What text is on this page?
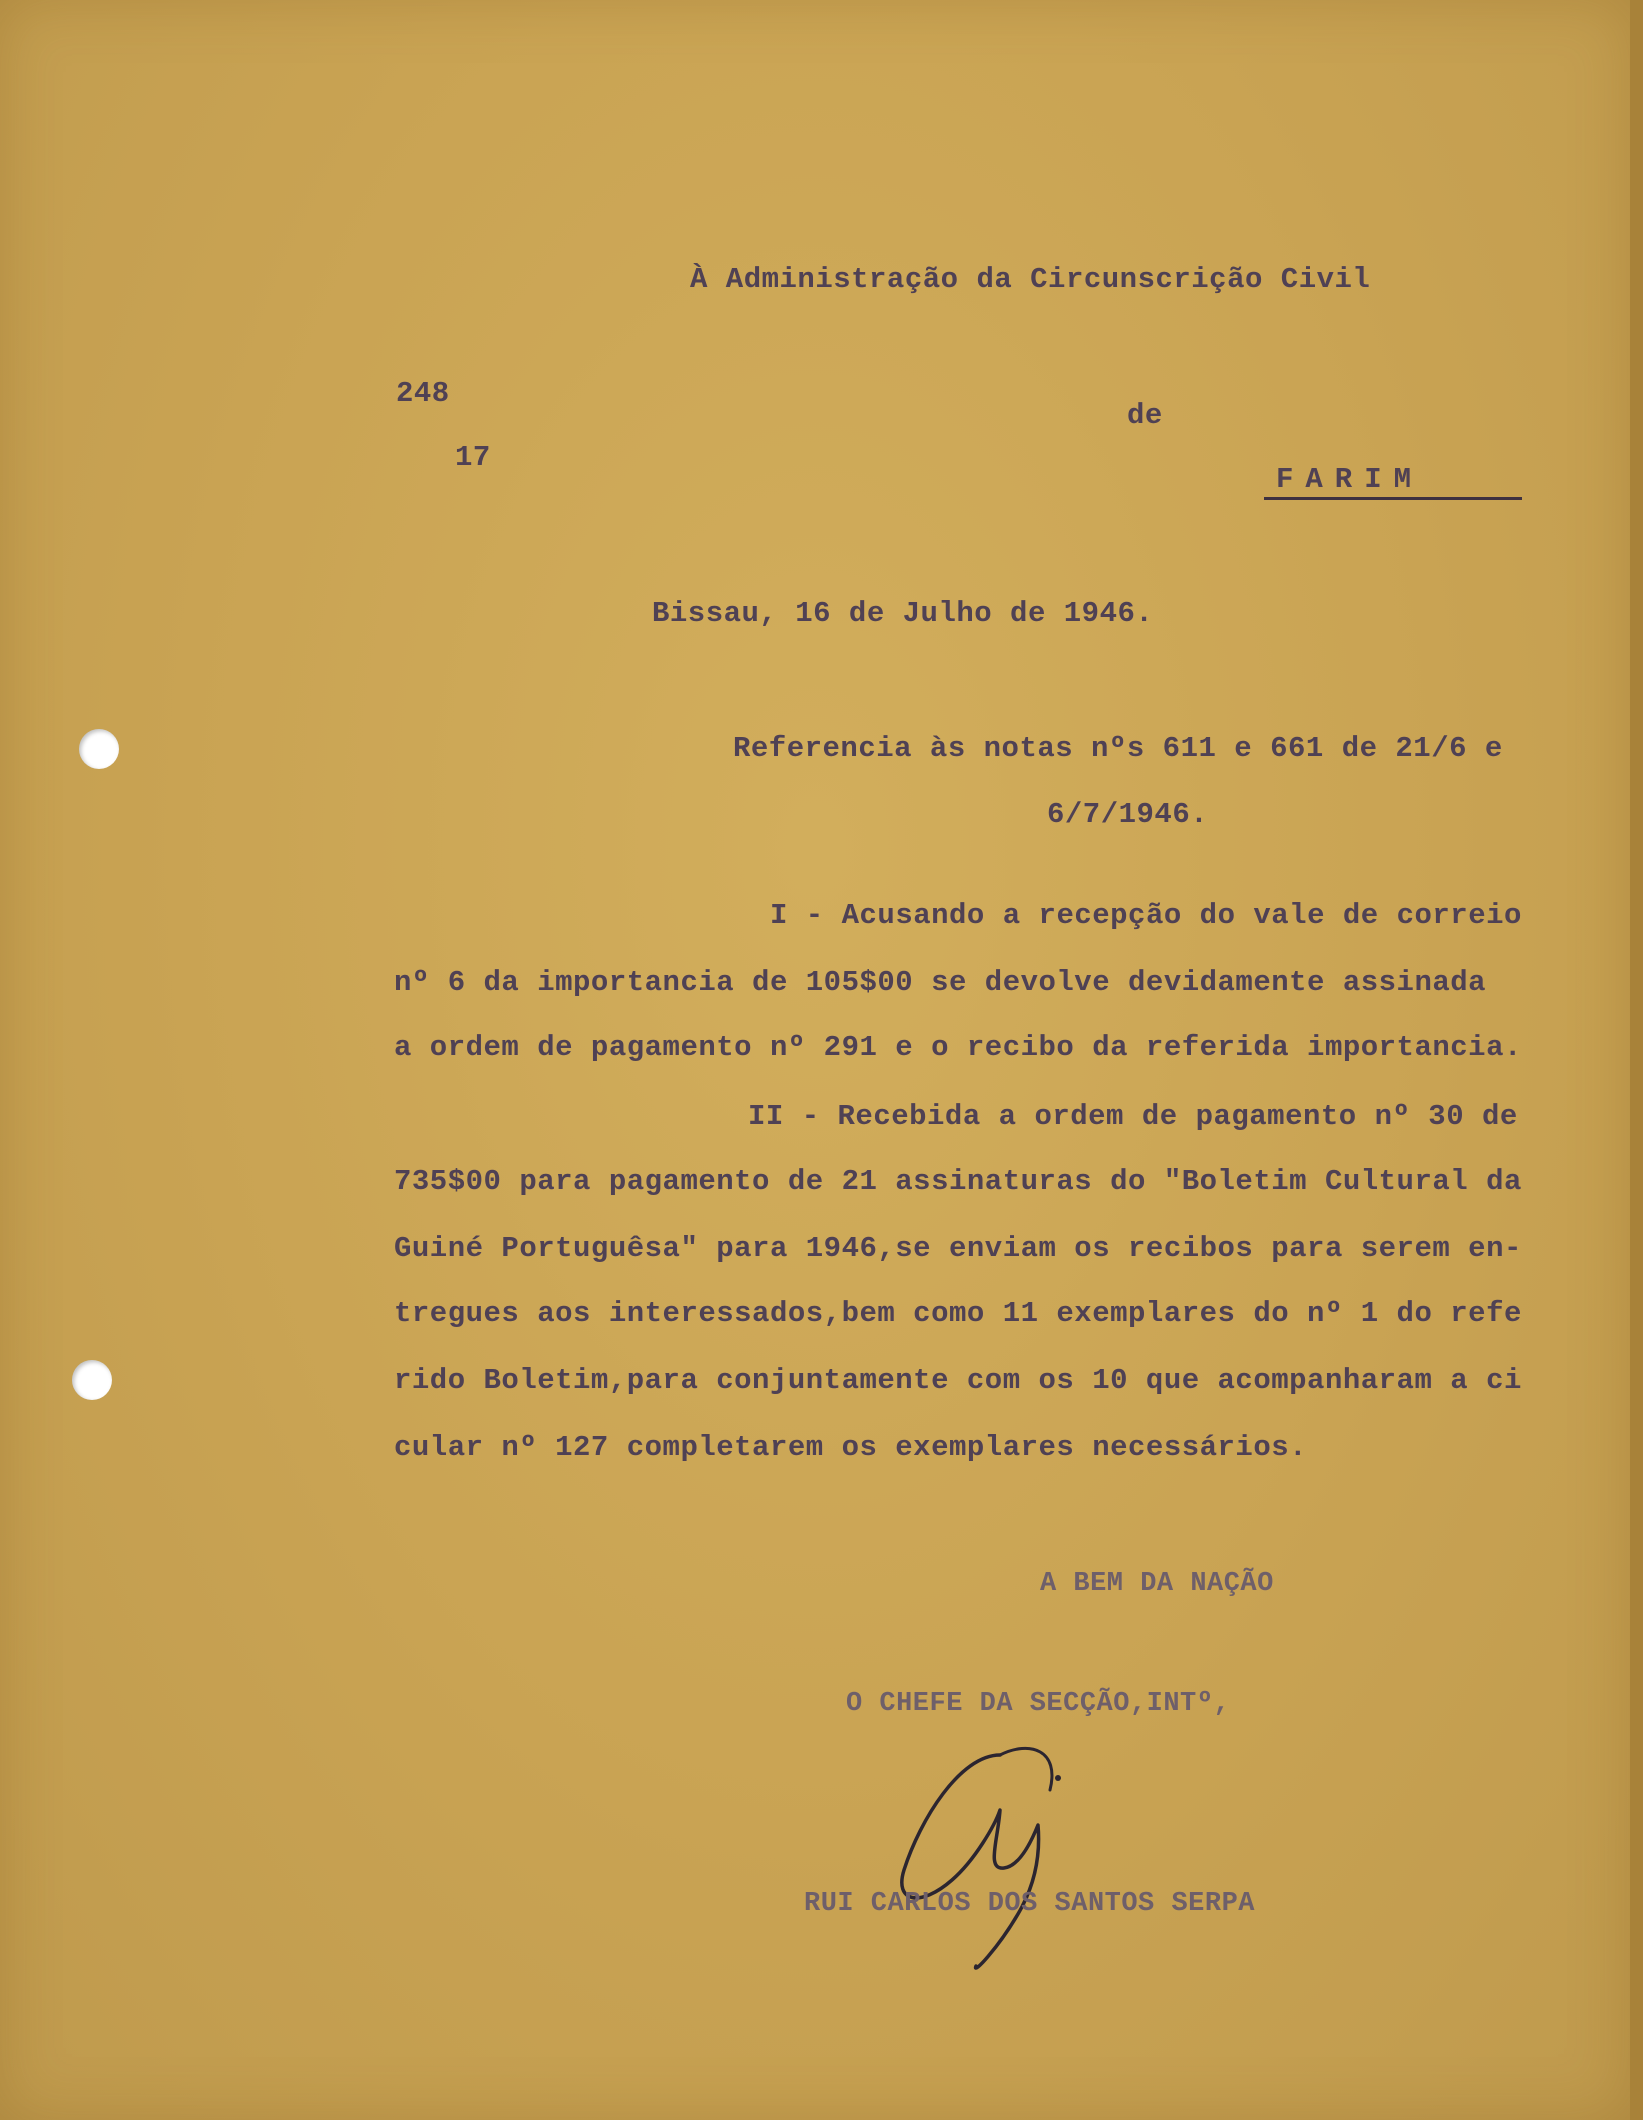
À Administração da Circunscrição Civil

248

17

de

FARIM

Bissau, 16 de Julho de 1946.

Referencia às notas nºs 611 e 661 de 21/6 e

6/7/1946.

I - Acusando a recepção do vale de correio

nº 6 da importancia de 105$00 se devolve devidamente assinada

a ordem de pagamento nº 291 e o recibo da referida importancia.

II - Recebida a ordem de pagamento nº 30 de

735$00 para pagamento de 21 assinaturas do "Boletim Cultural da

Guiné Portuguêsa" para 1946,se enviam os recibos para serem en-

tregues aos interessados,bem como 11 exemplares do nº 1 do refe

rido Boletim,para conjuntamente com os 10 que acompanharam a ci

cular nº 127 completarem os exemplares necessários.

A BEM DA NAÇÃO

O CHEFE DA SECÇÃO,INTº,

RUI CARLOS DOS SANTOS SERPA
